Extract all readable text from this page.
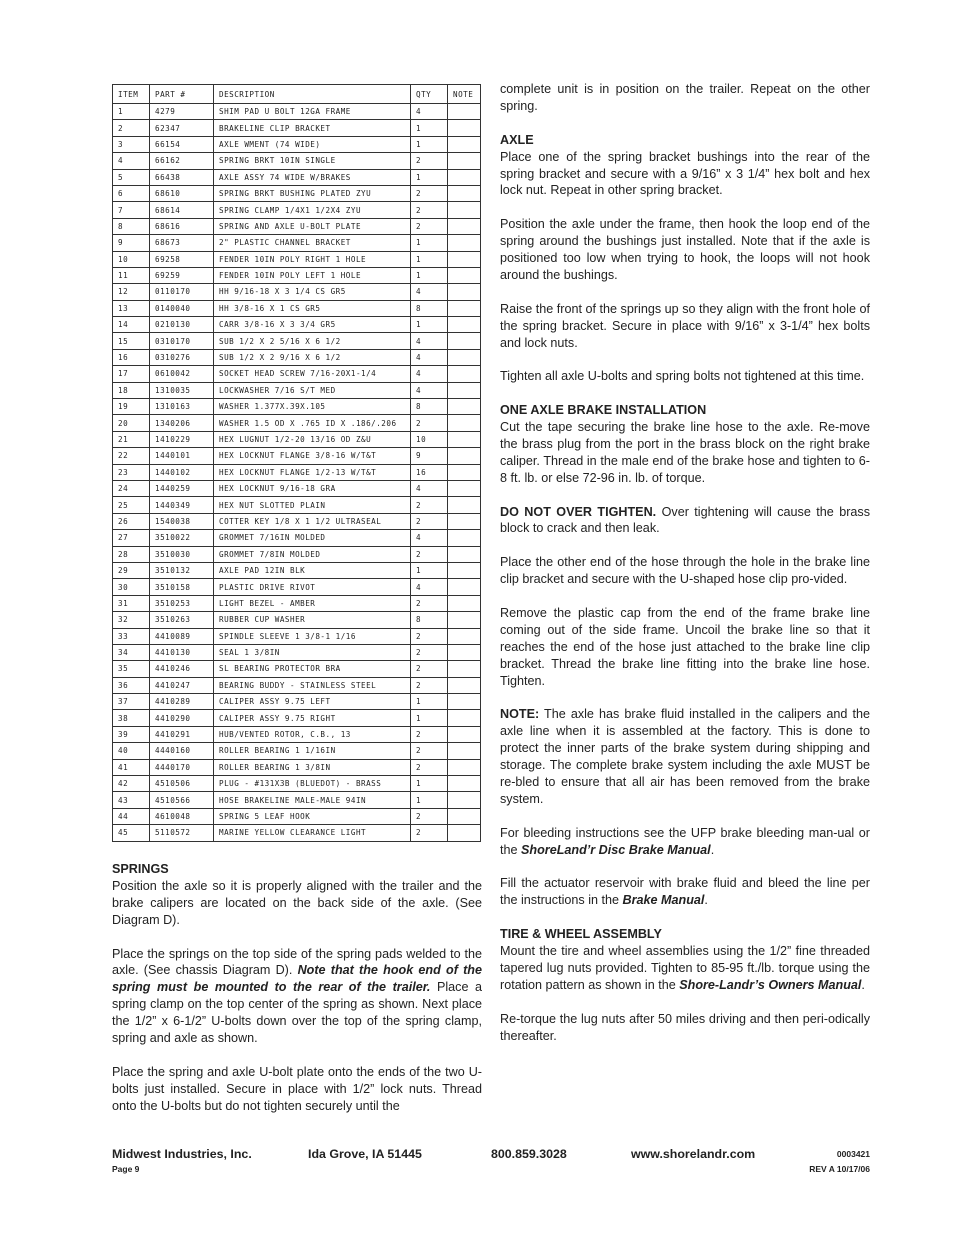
ITEM	PART #	DESCRIPTION	QTY	NOTE
1	4279	SHIM PAD U BOLT 12GA FRAME	4	
2	62347	BRAKELINE CLIP BRACKET	1	
3	66154	AXLE WMENT (74 WIDE)	1	
4	66162	SPRING BRKT 10IN SINGLE	2	
5	66438	AXLE ASSY 74 WIDE W/BRAKES	1	
6	68610	SPRING BRKT BUSHING PLATED ZYU	2	
7	68614	SPRING CLAMP 1/4X1 1/2X4 ZYU	2	
8	68616	SPRING AND AXLE U-BOLT PLATE	2	
9	68673	2" PLASTIC CHANNEL BRACKET	1	
10	69258	FENDER 10IN POLY RIGHT 1 HOLE	1	
11	69259	FENDER 10IN POLY LEFT 1 HOLE	1	
12	0110170	HH 9/16-18 X 3 1/4 CS GR5	4	
13	0140040	HH 3/8-16 X 1 CS GR5	8	
14	0210130	CARR 3/8-16 X 3 3/4 GR5	1	
15	0310170	SUB 1/2 X 2 5/16 X 6 1/2	4	
16	0310276	SUB 1/2 X 2 9/16 X 6 1/2	4	
17	0610042	SOCKET HEAD SCREW 7/16-20X1-1/4	4	
18	1310035	LOCKWASHER 7/16 S/T MED	4	
19	1310163	WASHER 1.377X.39X.105	8	
20	1340206	WASHER 1.5 OD X .765 ID X .186/.206	2	
21	1410229	HEX LUGNUT 1/2-20 13/16 OD Z&U	10	
22	1440101	HEX LOCKNUT FLANGE 3/8-16 W/T&T	9	
23	1440102	HEX LOCKNUT FLANGE 1/2-13 W/T&T	16	
24	1440259	HEX LOCKNUT 9/16-18 GRA	4	
25	1440349	HEX NUT SLOTTED PLAIN	2	
26	1540038	COTTER KEY 1/8 X 1 1/2 ULTRASEAL	2	
27	3510022	GROMMET 7/16IN MOLDED	4	
28	3510030	GROMMET 7/8IN MOLDED	2	
29	3510132	AXLE PAD 12IN BLK	1	
30	3510158	PLASTIC DRIVE RIVOT	4	
31	3510253	LIGHT BEZEL - AMBER	2	
32	3510263	RUBBER CUP WASHER	8	
33	4410089	SPINDLE SLEEVE 1 3/8-1 1/16	2	
34	4410130	SEAL 1 3/8IN	2	
35	4410246	SL BEARING PROTECTOR BRA	2	
36	4410247	BEARING BUDDY - STAINLESS STEEL	2	
37	4410289	CALIPER ASSY 9.75 LEFT	1	
38	4410290	CALIPER ASSY 9.75 RIGHT	1	
39	4410291	HUB/VENTED ROTOR, C.B., 13	2	
40	4440160	ROLLER BEARING 1 1/16IN	2	
41	4440170	ROLLER BEARING 1 3/8IN	2	
42	4510506	PLUG - #131X3B (BLUEDOT) - BRASS	1	
43	4510566	HOSE BRAKELINE MALE-MALE 94IN	1	
44	4610048	SPRING 5 LEAF HOOK	2	
45	5110572	MARINE YELLOW CLEARANCE LIGHT	2	
SPRINGS

Position the axle so it is properly aligned with the trailer and the brake calipers are located on the back side of the axle. (See Diagram D).

Place the springs on the top side of the spring pads welded to the axle. (See chassis Diagram D). Note that the hook end of the spring must be mounted to the rear of the trailer. Place a spring clamp on the top center of the spring as shown. Next place the 1/2” x 6-1/2” U-bolts down over the top of the spring clamp, spring and axle as shown.

Place the spring and axle U-bolt plate onto the ends of the two U-bolts just installed. Secure in place with 1/2” lock nuts. Thread onto the U-bolts but do not tighten securely until the

complete unit is in position on the trailer. Repeat on the other spring.

AXLE

Place one of the spring bracket bushings into the rear of the spring bracket and secure with a 9/16” x 3 1/4” hex bolt and hex lock nut. Repeat in other spring bracket.

Position the axle under the frame, then hook the loop end of the spring around the bushings just installed. Note that if the axle is positioned too low when trying to hook, the loops will not hook around the bushings.

Raise the front of the springs up so they align with the front hole of the spring bracket. Secure in place with 9/16” x 3-1/4” hex bolts and lock nuts.

Tighten all axle U-bolts and spring bolts not tightened at this time.

ONE AXLE BRAKE INSTALLATION

Cut the tape securing the brake line hose to the axle. Re-move the brass plug from the port in the brass block on the right brake caliper. Thread in the male end of the brake hose and tighten to 6-8 ft. lb. or else 72-96 in. lb. of torque.

DO NOT OVER TIGHTEN. Over tightening will cause the brass block to crack and then leak.

Place the other end of the hose through the hole in the brake line clip bracket and secure with the U-shaped hose clip pro-vided.

Remove the plastic cap from the end of the frame brake line coming out of the side frame. Uncoil the brake line so that it reaches the end of the hose just attached to the brake line clip bracket. Thread the brake line fitting into the brake line hose. Tighten.

NOTE: The axle has brake fluid installed in the calipers and the axle line when it is assembled at the factory. This is done to protect the inner parts of the brake system during shipping and storage. The complete brake system including the axle MUST be re-bled to ensure that all air has been removed from the brake system.

For bleeding instructions see the UFP brake bleeding man-ual or the ShoreLand’r Disc Brake Manual.

Fill the actuator reservoir with brake fluid and bleed the line per the instructions in the Brake Manual.

TIRE & WHEEL ASSEMBLY

Mount the tire and wheel assemblies using the 1/2” fine threaded tapered lug nuts provided. Tighten to 85-95 ft./lb. torque using the rotation pattern as shown in the Shore-Landr’s Owners Manual.

Re-torque the lug nuts after 50 miles driving and then peri-odically thereafter.

Midwest Industries, Inc.	Ida Grove, IA 51445	800.859.3028	www.shorelandr.com	0003421
Page 9	REV A 10/17/06
